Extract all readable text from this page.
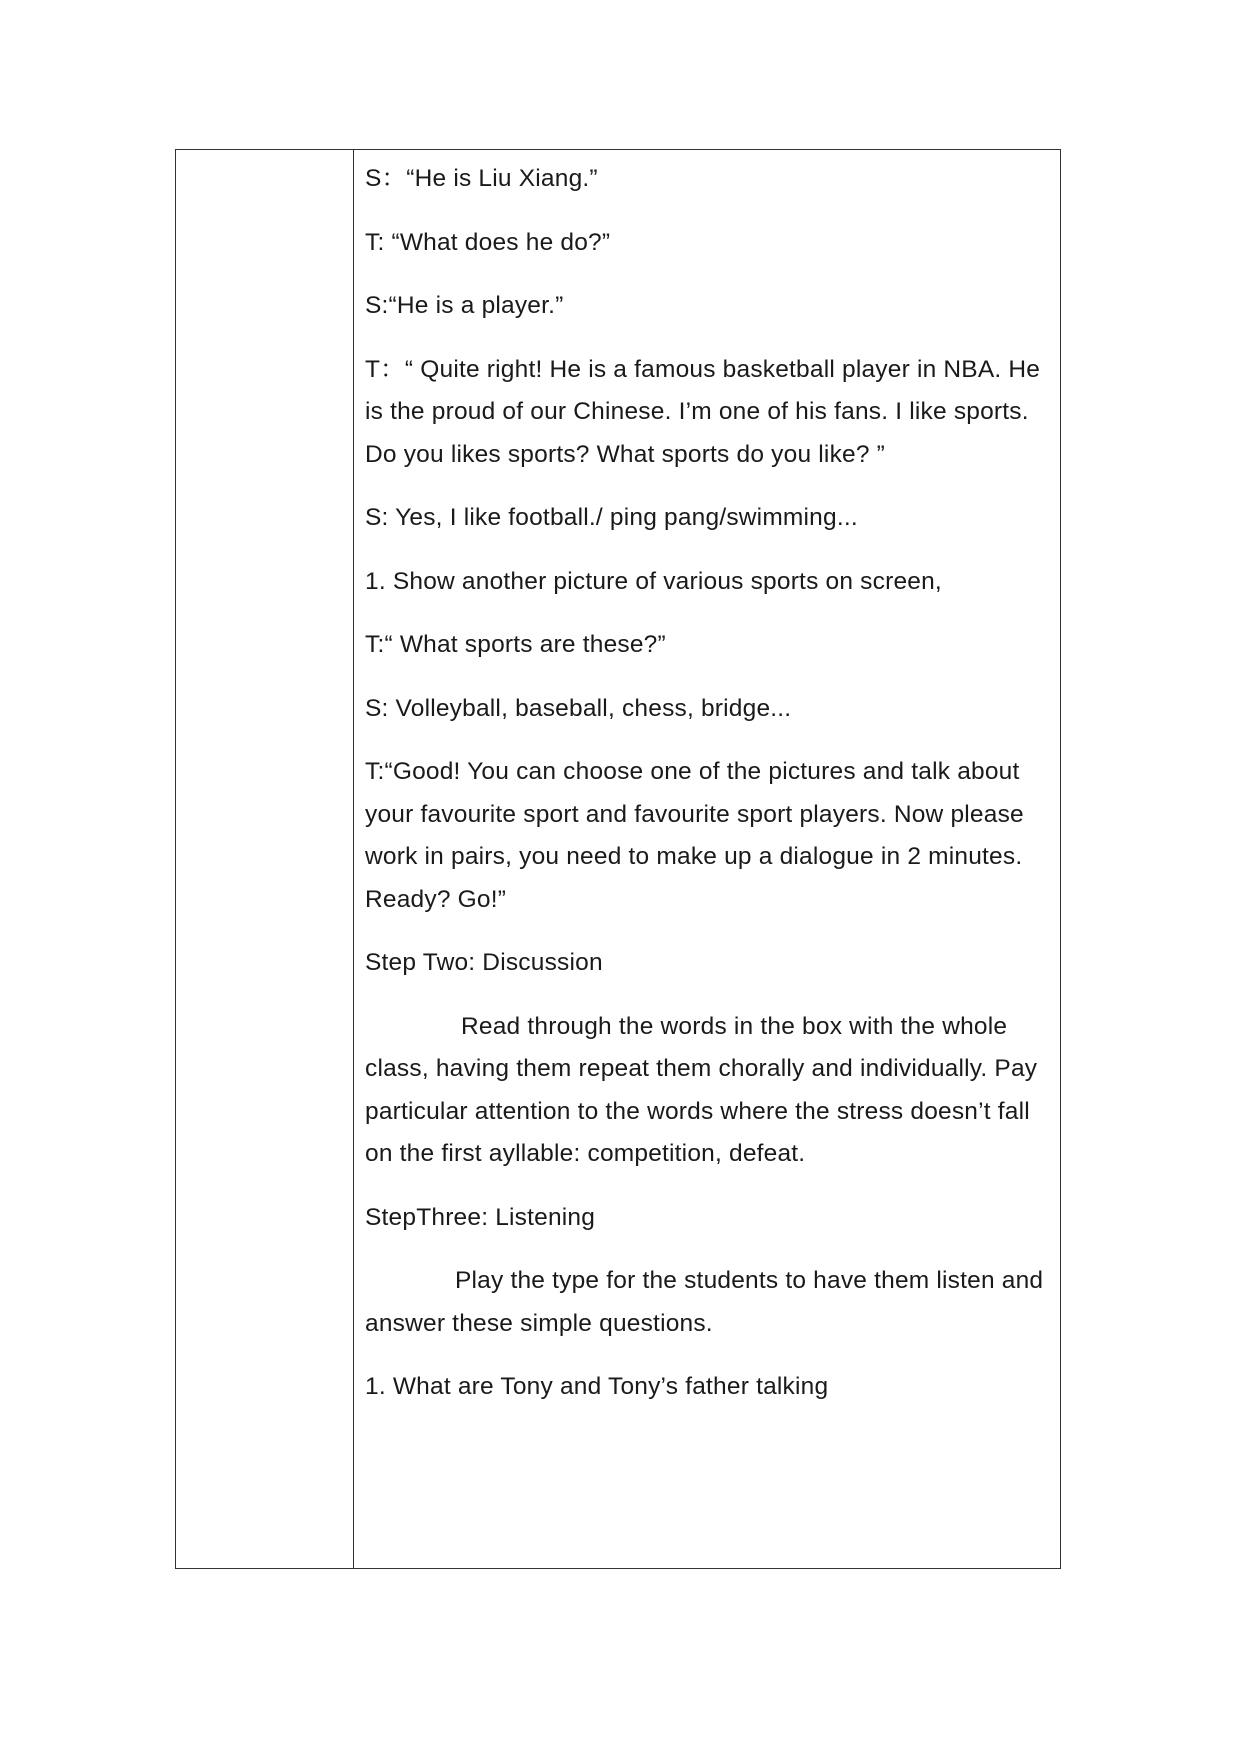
S：“He is Liu Xiang.”

T: “What does he do?”

S:“He is a player.”

T：“ Quite right! He is a famous basketball player in NBA. He is the proud of our Chinese. I’m one of his fans. I like sports. Do you likes sports? What sports do you like? ”

S: Yes, I like football./ ping pang/swimming...

1. Show another picture of various sports on screen,

T:“ What sports are these?”

S: Volleyball, baseball, chess, bridge...

T:“Good! You can choose one of the pictures and talk about your favourite sport and favourite sport players. Now please work in pairs, you need to make up a dialogue in 2 minutes. Ready? Go!”

Step Two: Discussion

Read through the words in the box with the whole class, having them repeat them chorally and individually. Pay particular attention to the words where the stress doesn’t fall on the first ayllable: competition, defeat.

StepThree: Listening

Play the type for the students to have them listen and answer these simple questions.

1. What are Tony and Tony’s father talking
